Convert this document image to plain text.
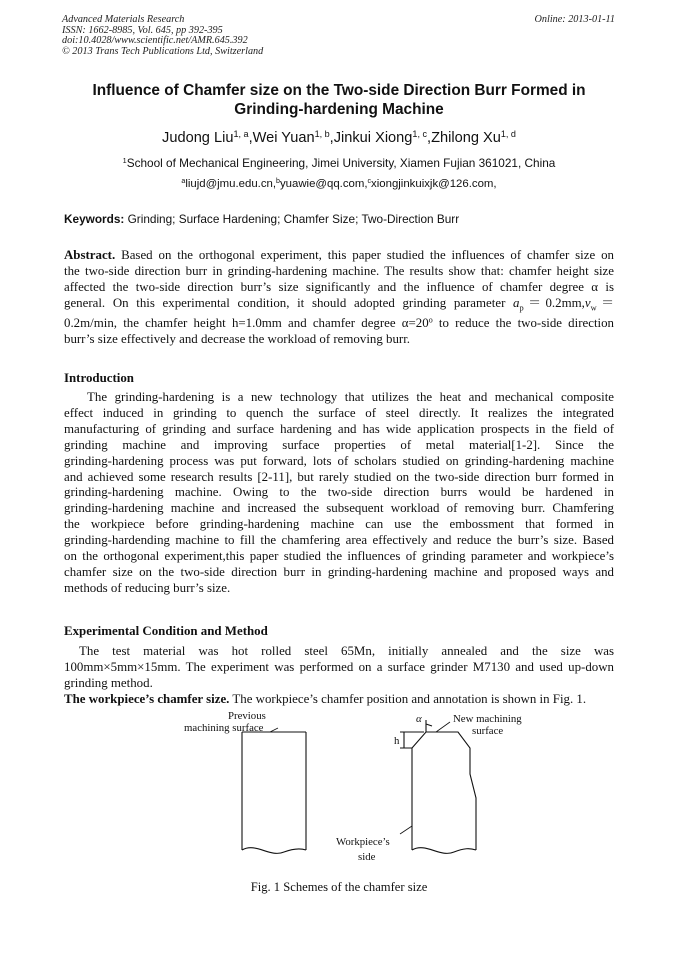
Advanced Materials Research
ISSN: 1662-8985, Vol. 645, pp 392-395
doi:10.4028/www.scientific.net/AMR.645.392
© 2013 Trans Tech Publications Ltd, Switzerland
Online: 2013-01-11
Influence of Chamfer size on the Two-side Direction Burr Formed in
Grinding-hardening Machine
Judong Liu$^{1, a}$,Wei Yuan$^{1, b}$,Jinkui Xiong$^{1, c}$,Zhilong Xu$^{1, d}$
$^1$School of Mechanical Engineering, Jimei University, Xiamen Fujian 361021, China
$^a$liujd@jmu.edu.cn,$^b$yuawie@qq.com,$^c$xiongjinkuixjk@126.com,
Keywords: Grinding; Surface Hardening; Chamfer Size; Two-Direction Burr
Abstract. Based on the orthogonal experiment, this paper studied the influences of chamfer size on
the two-side direction burr in grinding-hardening machine. The results show that: chamfer height size
affected the two-side direction burr’s size significantly and the influence of chamfer degree α is
general. On this experimental condition, it should adopted grinding parameter $a_p=0.2mm,v_w=$
0.2m/min, the chamfer height h=1.0mm and chamfer degree $\alpha=20^o$ to reduce the two-side direction
burr’s size effectively and decrease the workload of removing burr.
Introduction
The grinding-hardening is a new technology that utilizes the heat and mechanical composite
effect induced in grinding to quench the surface of steel directly. It realizes the integrated
manufacturing of grinding and surface hardening and has wide application prospects in the field of
grinding machine and improving surface properties of metal material[1-2]. Since the
grinding-hardening process was put forward, lots of scholars studied on grinding-hardening machine
and achieved some research results [2-11], but rarely studied on the two-side direction burr formed in
grinding-hardening machine. Owing to the two-side direction burrs would be hardened in
grinding-hardening machine and increased the subsequent workload of removing burr. Chamfering
the workpiece before grinding-hardening machine can use the embossment that formed in
grinding-hardending machine to fill the chamfering area effectively and reduce the burr’s size. Based
on the orthogonal experiment,this paper studied the influences of grinding parameter and workpiece’s
chamfer size on the two-side direction burr in grinding-hardening machine and proposed ways and
methods of reducing burr’s size.
Experimental Condition and Method
The test material was hot rolled steel 65Mn, initially annealed and the size was
100mm×5mm×15mm. The experiment was performed on a surface grinder M7130 and used up-down
grinding method.
The workpiece’s chamfer size. The workpiece’s chamfer position and annotation is shown in Fig. 1.
Previous
machining surface
New machining
surface
α
h
Workpiece’s
side
Fig. 1 Schemes of the chamfer size
